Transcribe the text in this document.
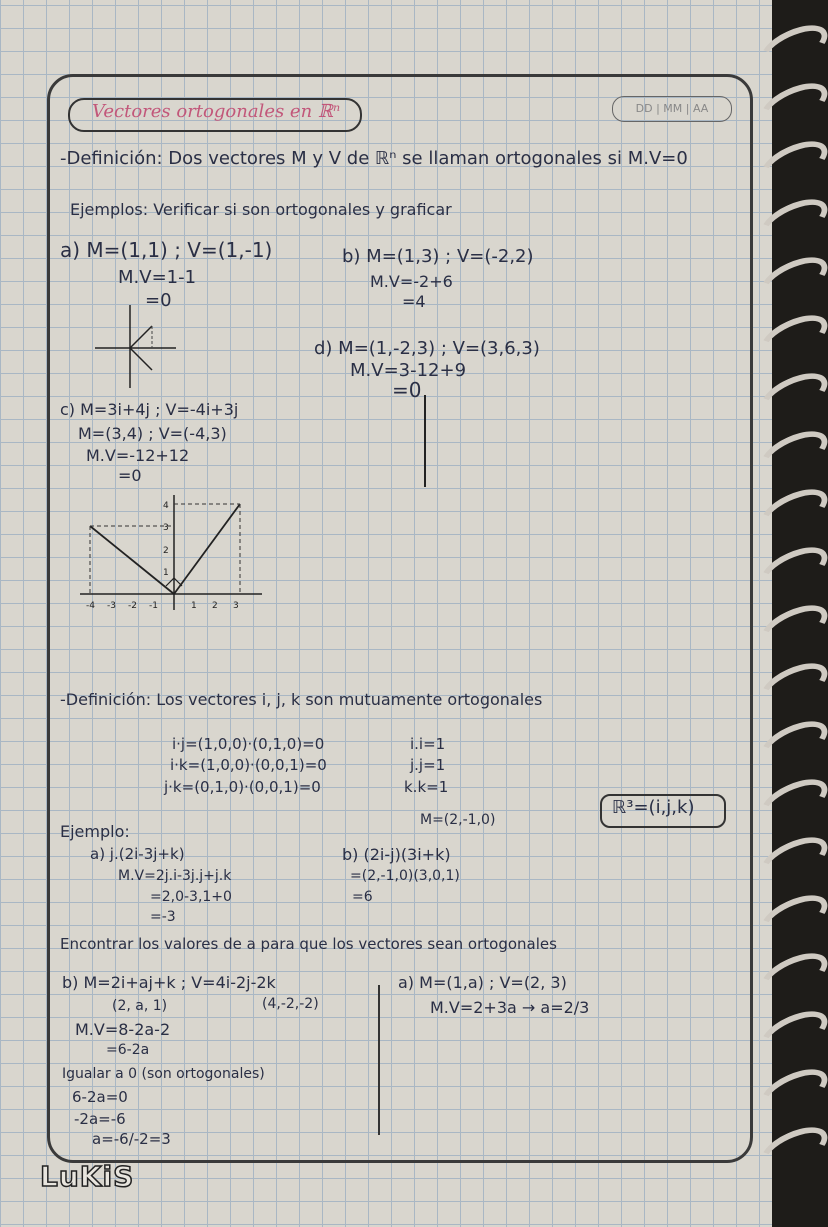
Vectores ortogonales en ℝⁿ	DD | MM | AA
-Definición: Dos vectores M y V de ℝⁿ se llaman ortogonales si M.V=0
Ejemplos: Verificar si son ortogonales y graficar
a) M=(1,1) ; V=(1,-1)
M.V=1-1
=0
b) M=(1,3) ; V=(-2,2)
M.V=-2+6
=4
d) M=(1,-2,3) ; V=(3,6,3)
M.V=3-12+9
=0
c) M=3i+4j ; V=-4i+3j
M=(3,4) ; V=(-4,3)
M.V=-12+12
=0
-4 -3 -2 -1	1 2 3
1
2
3
4
-Definición: Los vectores i, j, k son mutuamente ortogonales
i·j=(1,0,0)·(0,1,0)=0
i·k=(1,0,0)·(0,0,1)=0
j·k=(0,1,0)·(0,0,1)=0
i.i=1
j.j=1
k.k=1
ℝ³=(i,j,k)
Ejemplo:
a) j.(2i-3j+k)
M.V=2j.i-3j.j+j.k
=2,0-3,1+0
=-3
M=(2,-1,0)
b) (2i-j)(3i+k)
=(2,-1,0)(3,0,1)
=6
Encontrar los valores de a para que los vectores sean ortogonales
b) M=2i+aj+k ; V=4i-2j-2k
(2, a, 1)	(4,-2,-2)
M.V=8-2a-2
=6-2a
Igualar a 0 (son ortogonales)
6-2a=0
-2a=-6
a=-6/-2=3
a) M=(1,a) ; V=(2, 3)
M.V=2+3a → a=2/3
LuKiS
